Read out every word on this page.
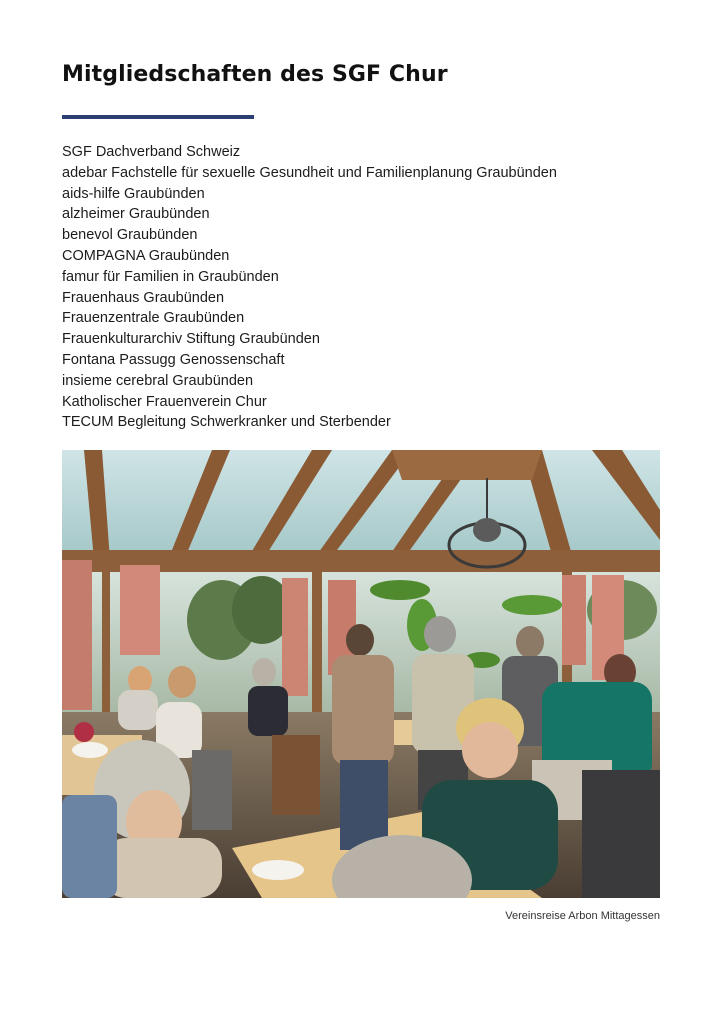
Mitgliedschaften des SGF Chur
SGF Dachverband Schweiz
adebar Fachstelle für sexuelle Gesundheit und Familienplanung Graubünden
aids-hilfe Graubünden
alzheimer Graubünden
benevol Graubünden
COMPAGNA Graubünden
famur für Familien in Graubünden
Frauenhaus Graubünden
Frauenzentrale Graubünden
Frauenkulturarchiv Stiftung Graubünden
Fontana Passugg Genossenschaft
insieme cerebral Graubünden
Katholischer Frauenverein Chur
TECUM Begleitung Schwerkranker und Sterbender
Vereinsreise Arbon Mittagessen
